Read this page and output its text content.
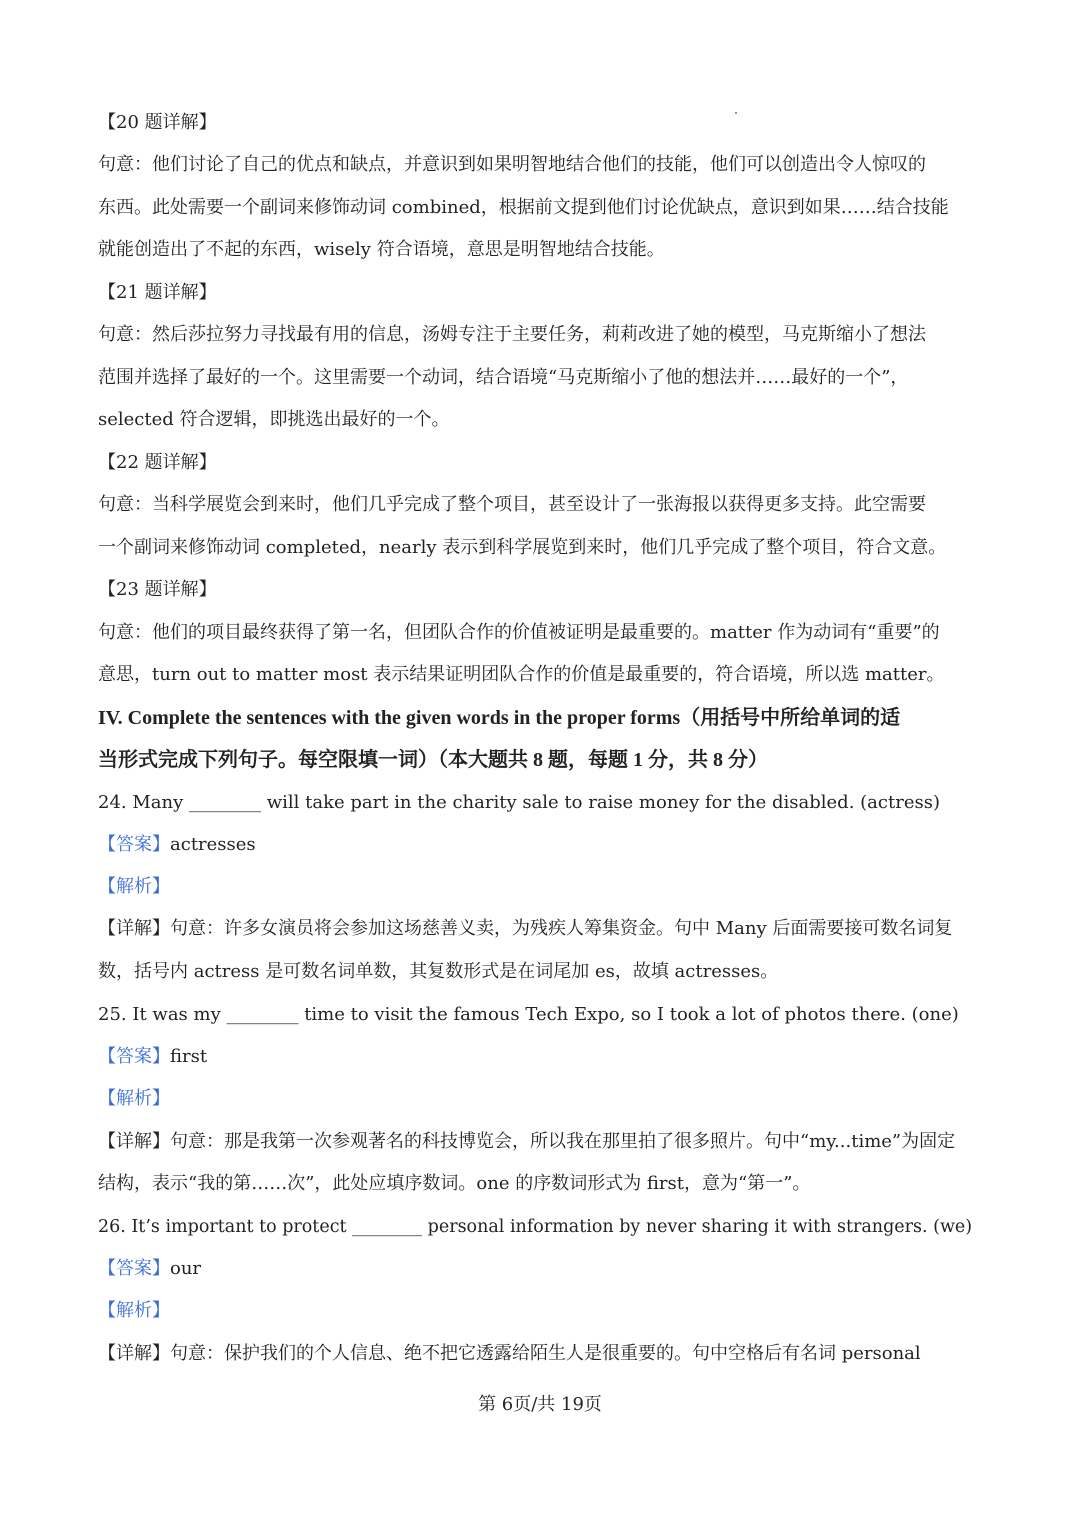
【20 题详解】
句意：他们讨论了自己的优点和缺点，并意识到如果明智地结合他们的技能，他们可以创造出令人惊叹的
东西。此处需要一个副词来修饰动词 combined，根据前文提到他们讨论优缺点，意识到如果……结合技能
就能创造出了不起的东西，wisely 符合语境，意思是明智地结合技能。
【21 题详解】
句意：然后莎拉努力寻找最有用的信息，汤姆专注于主要任务，莉莉改进了她的模型，马克斯缩小了想法
范围并选择了最好的一个。这里需要一个动词，结合语境“马克斯缩小了他的想法并……最好的一个”，
selected 符合逻辑，即挑选出最好的一个。
【22 题详解】
句意：当科学展览会到来时，他们几乎完成了整个项目，甚至设计了一张海报以获得更多支持。此空需要
一个副词来修饰动词 completed，nearly 表示到科学展览到来时，他们几乎完成了整个项目，符合文意。
【23 题详解】
句意：他们的项目最终获得了第一名，但团队合作的价值被证明是最重要的。matter 作为动词有“重要”的
意思，turn out to matter most 表示结果证明团队合作的价值是最重要的，符合语境，所以选 matter。
IV. Complete the sentences with the given words in the proper forms（用括号中所给单词的适
当形式完成下列句子。每空限填一词）（本大题共 8 题，每题 1 分，共 8 分）
24. Many ________ will take part in the charity sale to raise money for the disabled. (actress)
【答案】actresses
【解析】
【详解】句意：许多女演员将会参加这场慈善义卖，为残疾人筹集资金。句中 Many 后面需要接可数名词复
数，括号内 actress 是可数名词单数，其复数形式是在词尾加 es，故填 actresses。
25. It was my ________ time to visit the famous Tech Expo, so I took a lot of photos there. (one)
【答案】first
【解析】
【详解】句意：那是我第一次参观著名的科技博览会，所以我在那里拍了很多照片。句中“my...time”为固定
结构，表示“我的第……次”，此处应填序数词。one 的序数词形式为 first，意为“第一”。
26. It’s important to protect ________ personal information by never sharing it with strangers. (we)
【答案】our
【解析】
【详解】句意：保护我们的个人信息、绝不把它透露给陌生人是很重要的。句中空格后有名词 personal
第 6页/共 19页
